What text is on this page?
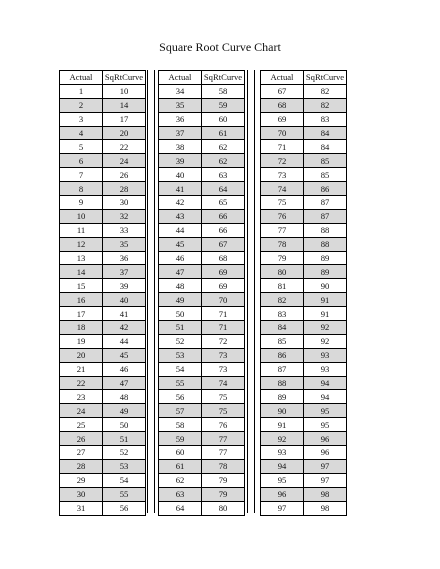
Square Root Curve Chart
Actual	SqRtCurve
1	10
2	14
3	17
4	20
5	22
6	24
7	26
8	28
9	30
10	32
11	33
12	35
13	36
14	37
15	39
16	40
17	41
18	42
19	44
20	45
21	46
22	47
23	48
24	49
25	50
26	51
27	52
28	53
29	54
30	55
31	56
Actual	SqRtCurve
34	58
35	59
36	60
37	61
38	62
39	62
40	63
41	64
42	65
43	66
44	66
45	67
46	68
47	69
48	69
49	70
50	71
51	71
52	72
53	73
54	73
55	74
56	75
57	75
58	76
59	77
60	77
61	78
62	79
63	79
64	80
Actual	SqRtCurve
67	82
68	82
69	83
70	84
71	84
72	85
73	85
74	86
75	87
76	87
77	88
78	88
79	89
80	89
81	90
82	91
83	91
84	92
85	92
86	93
87	93
88	94
89	94
90	95
91	95
92	96
93	96
94	97
95	97
96	98
97	98
